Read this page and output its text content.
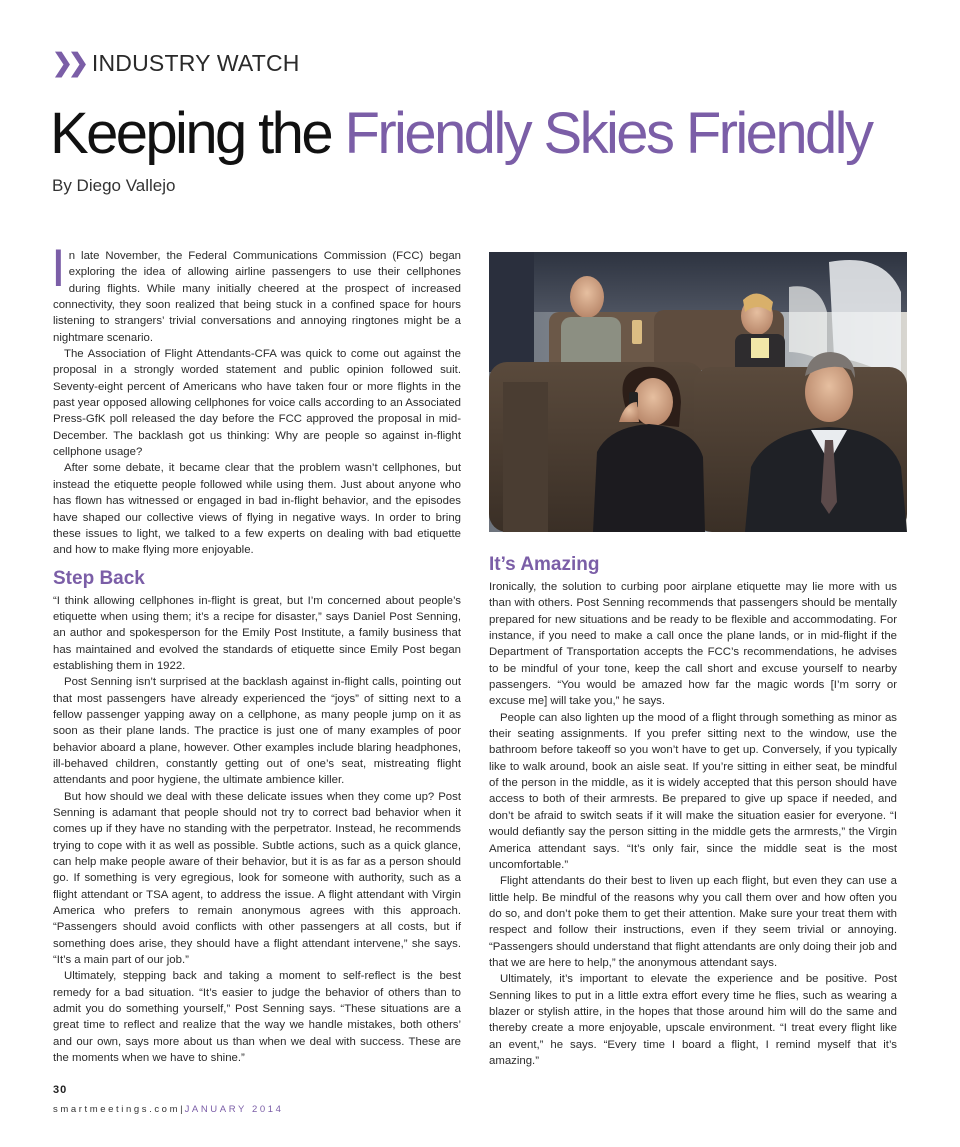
❯❯ INDUSTRY WATCH
Keeping the Friendly Skies Friendly
By Diego Vallejo

In late November, the Federal Communications Commission (FCC) began exploring the idea of allowing airline passengers to use their cellphones during flights. While many initially cheered at the prospect of increased connectivity, they soon realized that being stuck in a confined space for hours listening to strangers’ trivial conversations and annoying ringtones might be a nightmare scenario.

The Association of Flight Attendants-CFA was quick to come out against the proposal in a strongly worded statement and public opinion followed suit. Seventy-eight percent of Americans who have taken four or more flights in the past year opposed allowing cellphones for voice calls according to an Associated Press-GfK poll released the day before the FCC approved the proposal in mid-December. The backlash got us thinking: Why are people so against in-flight cellphone usage?

After some debate, it became clear that the problem wasn’t cellphones, but instead the etiquette people followed while using them. Just about anyone who has flown has witnessed or engaged in bad in-flight behavior, and the episodes have shaped our collective views of flying in negative ways. In order to bring these issues to light, we talked to a few experts on dealing with bad etiquette and how to make flying more enjoyable.

Step Back

“I think allowing cellphones in-flight is great, but I’m concerned about people’s etiquette when using them; it’s a recipe for disaster,” says Daniel Post Senning, an author and spokesperson for the Emily Post Institute, a family business that has maintained and evolved the standards of etiquette since Emily Post began establishing them in 1922.

Post Senning isn’t surprised at the backlash against in-flight calls, pointing out that most passengers have already experienced the “joys” of sitting next to a fellow passenger yapping away on a cellphone, as many people jump on it as soon as their plane lands. The practice is just one of many examples of poor behavior aboard a plane, however. Other examples include blaring headphones, ill-behaved children, constantly getting out of one’s seat, mistreating flight attendants and poor hygiene, the ultimate ambience killer.

But how should we deal with these delicate issues when they come up? Post Senning is adamant that people should not try to correct bad behavior when it comes up if they have no standing with the perpetrator. Instead, he recommends trying to cope with it as well as possible. Subtle actions, such as a quick glance, can help make people aware of their behavior, but it is as far as a person should go. If something is very egregious, look for someone with authority, such as a flight attendant or TSA agent, to address the issue. A flight attendant with Virgin America who prefers to remain anonymous agrees with this approach. “Passengers should avoid conflicts with other passengers at all costs, but if something does arise, they should have a flight attendant intervene,” she says. “It’s a main part of our job.”

Ultimately, stepping back and taking a moment to self-reflect is the best remedy for a bad situation. “It’s easier to judge the behavior of others than to admit you do something yourself,” Post Senning says. “These situations are a great time to reflect and realize that the way we handle mistakes, both others’ and our own, says more about us than when we deal with success. These are the moments when we have to shine.”

It’s Amazing

Ironically, the solution to curbing poor airplane etiquette may lie more with us than with others. Post Senning recommends that passengers should be mentally prepared for new situations and be ready to be flexible and accommodating. For instance, if you need to make a call once the plane lands, or in mid-flight if the Department of Transportation accepts the FCC’s recommendations, he advises to be mindful of your tone, keep the call short and excuse yourself to nearby passengers. “You would be amazed how far the magic words [I’m sorry or excuse me] will take you,” he says.

People can also lighten up the mood of a flight through something as minor as their seating assignments. If you prefer sitting next to the window, use the bathroom before takeoff so you won’t have to get up. Conversely, if you typically like to walk around, book an aisle seat. If you’re sitting in either seat, be mindful of the person in the middle, as it is widely accepted that this person should have access to both of their armrests. Be prepared to give up space if needed, and don’t be afraid to switch seats if it will make the situation easier for everyone. “I would defiantly say the person sitting in the middle gets the armrests,” the Virgin America attendant says. “It’s only fair, since the middle seat is the most uncomfortable.”

Flight attendants do their best to liven up each flight, but even they can use a little help. Be mindful of the reasons why you call them over and how often you do so, and don’t poke them to get their attention. Make sure your treat them with respect and follow their instructions, even if they seem trivial or annoying. “Passengers should understand that flight attendants are only doing their job and that we are here to help,” the anonymous attendant says.

Ultimately, it’s important to elevate the experience and be positive. Post Senning likes to put in a little extra effort every time he flies, such as wearing a blazer or stylish attire, in the hopes that those around him will do the same and thereby create a more enjoyable, upscale environment. “I treat every flight like an event,” he says. “Every time I board a flight, I remind myself that it’s amazing.”

30
smartmeetings.com| JANUARY 2014
